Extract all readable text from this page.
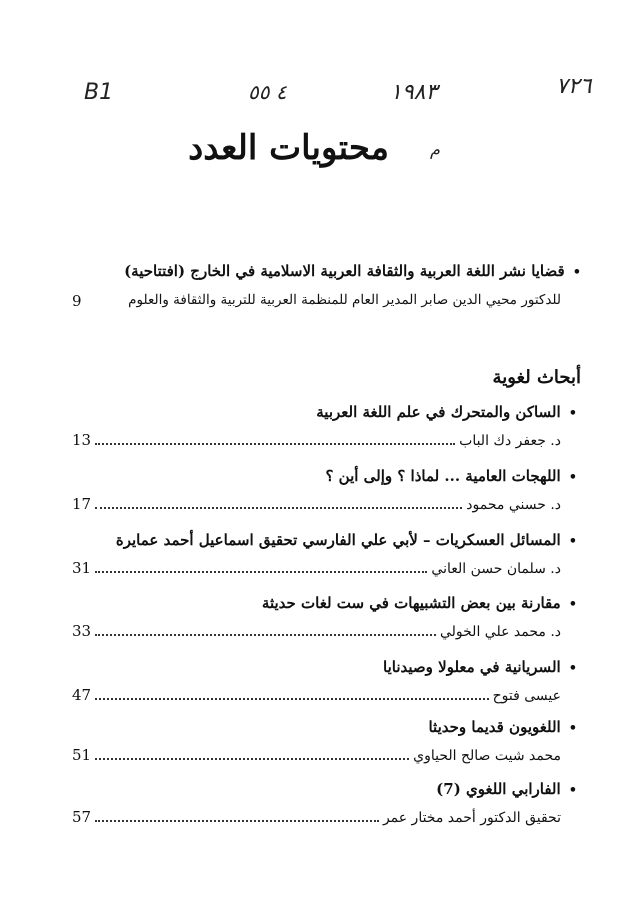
B1	٤ ٥٥	١٩٨٣	٧٢٦
م
محتويات العدد
•قضايا نشر اللغة العربية والثقافة العربية الاسلامية في الخارج (افتتاحية)
للدكتور محيي الدين صابر المدير العام للمنظمة العربية للتربية والثقافة والعلوم
9
أبحاث لغوية
•الساكن والمتحرك في علم اللغة العربية
د. جعفر دك الباب
13
•اللهجات العامية ... لماذا ؟ وإلى أين ؟
د. حسني محمود
17
•المسائل العسكريات – لأبي علي الفارسي تحقيق اسماعيل أحمد عمايرة
د. سلمان حسن العاني
31
•مقارنة بين بعض التشبيهات في ست لغات حديثة
د. محمد علي الخولي
33
•السريانية في معلولا وصيدنايا
عيسى فتوح
47
•اللغويون قديما وحديثا
محمد شيت صالح الحياوي
51
•الفارابي اللغوي (7)
تحقيق الدكتور أحمد مختار عمر
57
